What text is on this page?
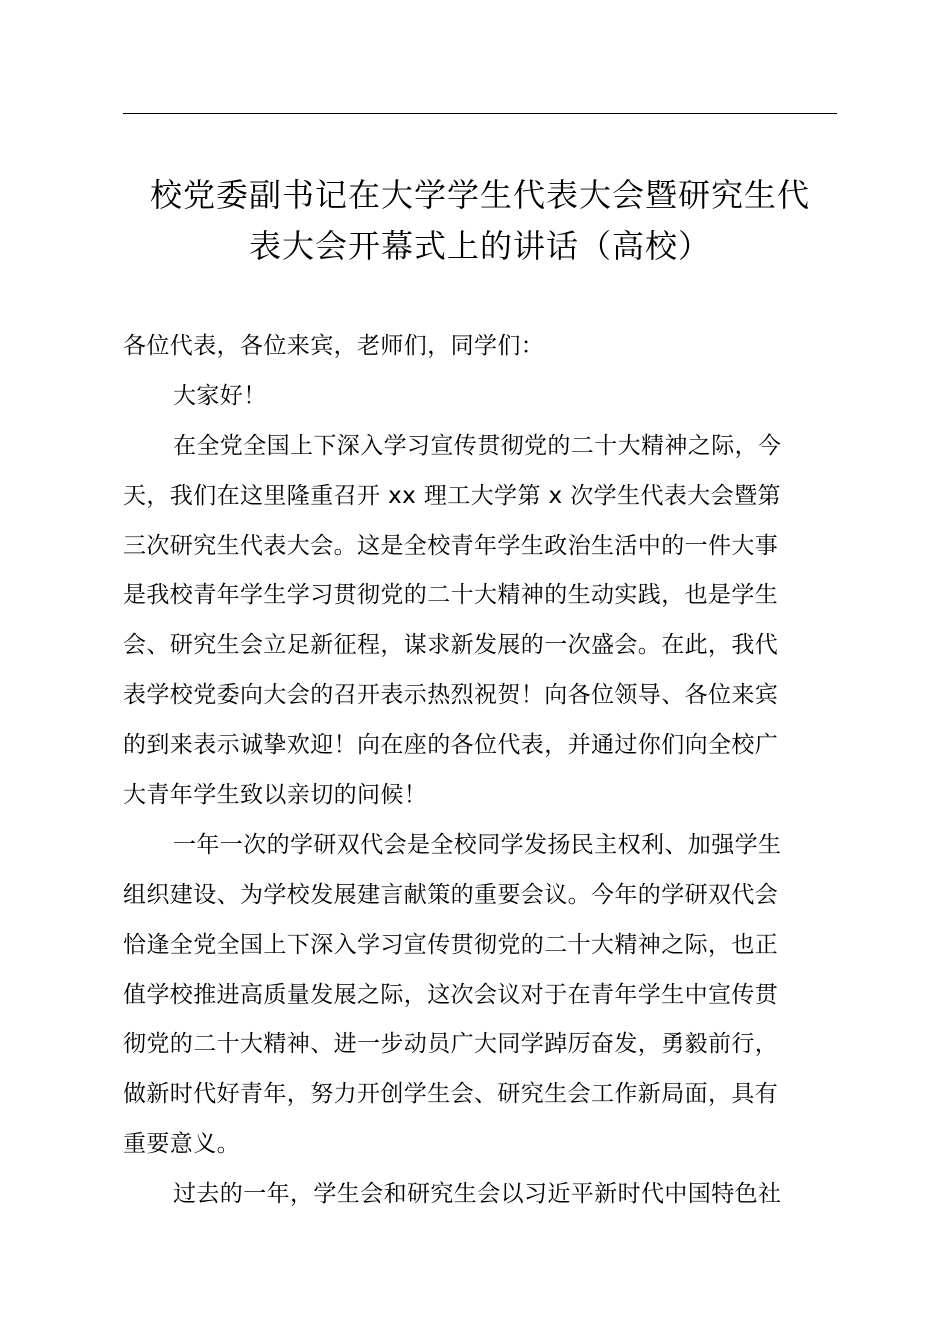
校党委副书记在大学学生代表大会暨研究生代
表大会开幕式上的讲话（高校）
各位代表，各位来宾，老师们，同学们：
大家好！
在全党全国上下深入学习宣传贯彻党的二十大精神之际，今
天，我们在这里隆重召开 xx 理工大学第 x 次学生代表大会暨第
三次研究生代表大会。这是全校青年学生政治生活中的一件大事
是我校青年学生学习贯彻党的二十大精神的生动实践，也是学生
会、研究生会立足新征程，谋求新发展的一次盛会。在此，我代
表学校党委向大会的召开表示热烈祝贺！向各位领导、各位来宾
的到来表示诚挚欢迎！向在座的各位代表，并通过你们向全校广
大青年学生致以亲切的问候！
一年一次的学研双代会是全校同学发扬民主权利、加强学生
组织建设、为学校发展建言献策的重要会议。今年的学研双代会
恰逢全党全国上下深入学习宣传贯彻党的二十大精神之际，也正
值学校推进高质量发展之际，这次会议对于在青年学生中宣传贯
彻党的二十大精神、进一步动员广大同学踔厉奋发，勇毅前行，
做新时代好青年，努力开创学生会、研究生会工作新局面，具有
重要意义。
过去的一年，学生会和研究生会以习近平新时代中国特色社
